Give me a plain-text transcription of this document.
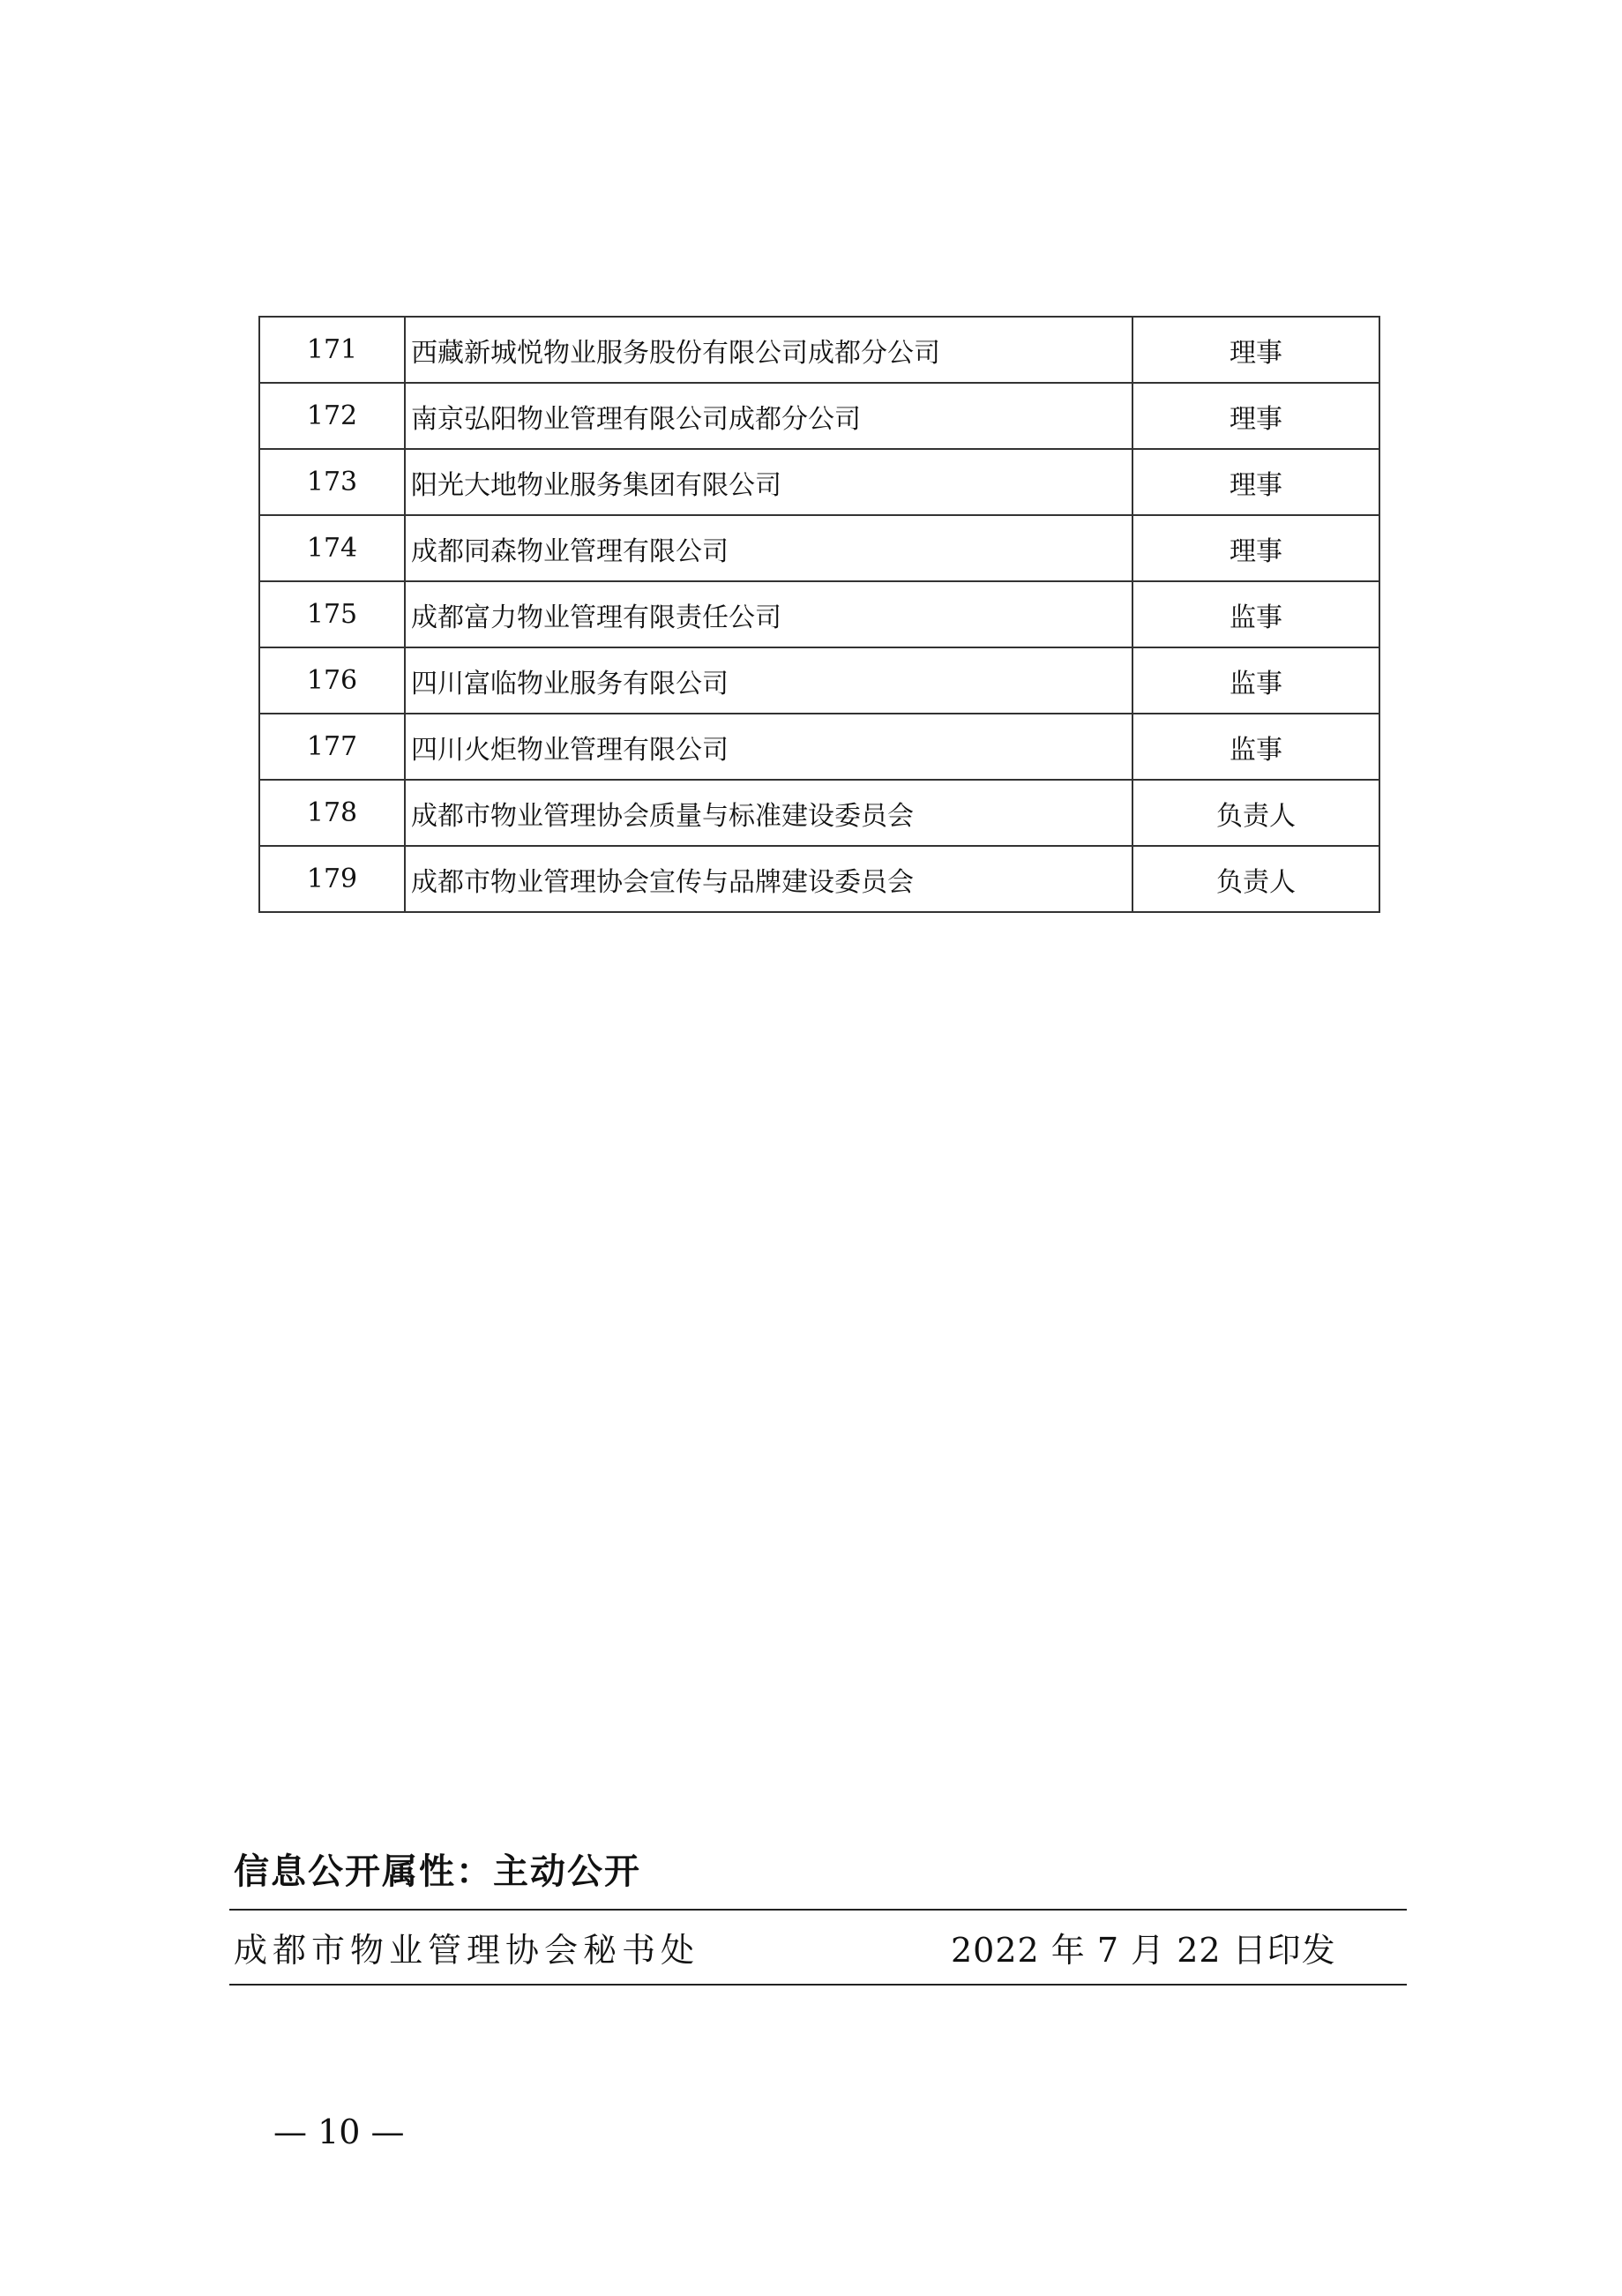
171	西藏新城悦物业服务股份有限公司成都分公司	理事
172	南京弘阳物业管理有限公司成都分公司	理事
173	阳光大地物业服务集团有限公司	理事
174	成都同森物业管理有限公司	理事
175	成都富力物业管理有限责任公司	监事
176	四川富临物业服务有限公司	监事
177	四川火炬物业管理有限公司	监事
178	成都市物业管理协会质量与标准建设委员会	负责人
179	成都市物业管理协会宣传与品牌建设委员会	负责人
信息公开属性：主动公开
成都市物业管理协会秘书处	2022 年 7 月 22 日印发
— 10 —
